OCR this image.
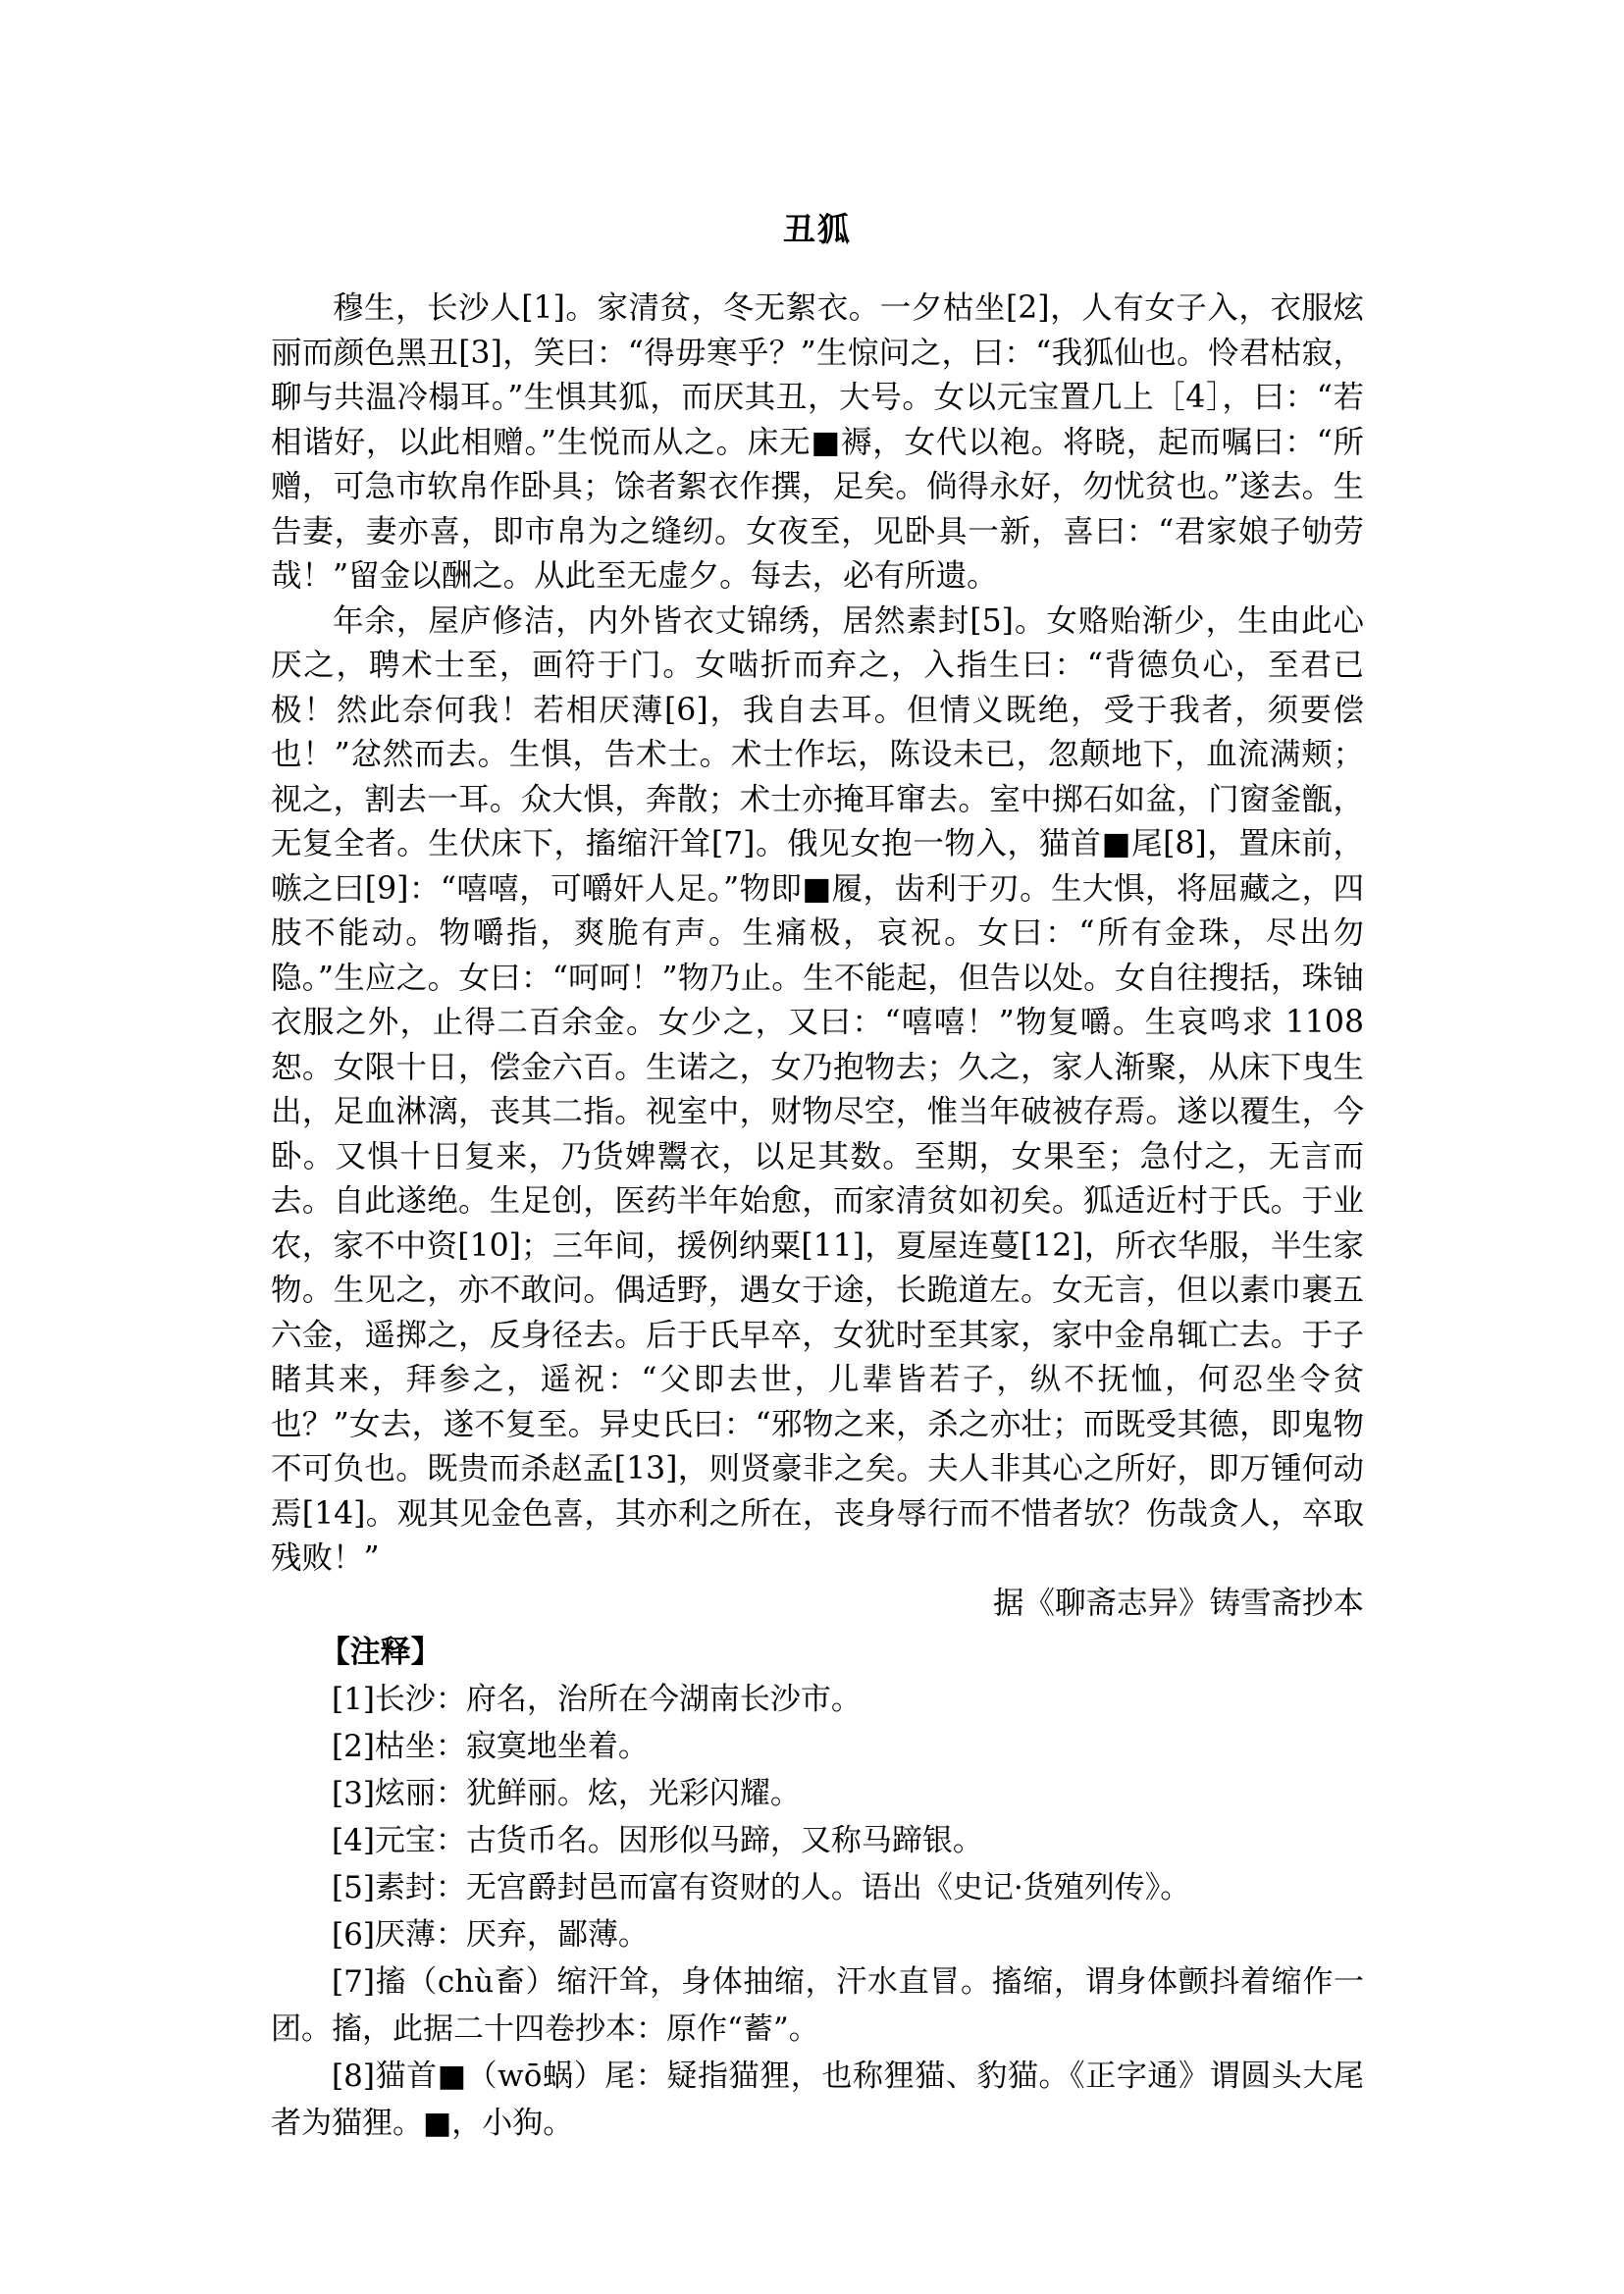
丑狐

穆生，长沙人[1]。家清贫，冬无絮衣。一夕枯坐[2]，人有女子入，衣服炫丽而颜色黑丑[3]，笑曰：“得毋寒乎？”生惊问之，曰：“我狐仙也。怜君枯寂，聊与共温冷榻耳。”生惧其狐，而厌其丑，大号。女以元宝置几上［4］，曰：“若相谐好，以此相赠。”生悦而从之。床无■褥，女代以袍。将晓，起而嘱曰：“所赠，可急市软帛作卧具；馀者絮衣作撰，足矣。倘得永好，勿忧贫也。”遂去。生告妻，妻亦喜，即市帛为之缝纫。女夜至，见卧具一新，喜曰：“君家娘子劬劳哉！”留金以酬之。从此至无虚夕。每去，必有所遗。

年余，屋庐修洁，内外皆衣丈锦绣，居然素封[5]。女赂贻渐少，生由此心厌之，聘术士至，画符于门。女啮折而弃之，入指生曰：“背德负心，至君已极！然此奈何我！若相厌薄[6]，我自去耳。但情义既绝，受于我者，须要偿也！”忿然而去。生惧，告术士。术士作坛，陈设未已，忽颠地下，血流满颊；视之，割去一耳。众大惧，奔散；术士亦掩耳窜去。室中掷石如盆，门窗釜甑，无复全者。生伏床下，搐缩汗耸[7]。俄见女抱一物入，猫首■尾[8]，置床前，嗾之曰[9]：“嘻嘻，可嚼奸人足。”物即■履，齿利于刃。生大惧，将屈藏之，四肢不能动。物嚼指，爽脆有声。生痛极，哀祝。女曰：“所有金珠，尽出勿隐。”生应之。女曰：“呵呵！”物乃止。生不能起，但告以处。女自往搜括，珠铀衣服之外，止得二百余金。女少之，又曰：“嘻嘻！”物复嚼。生哀鸣求 1108 恕。女限十日，偿金六百。生诺之，女乃抱物去；久之，家人渐聚，从床下曳生出，足血淋漓，丧其二指。视室中，财物尽空，惟当年破被存焉。遂以覆生，今卧。又惧十日复来，乃货婢鬻衣，以足其数。至期，女果至；急付之，无言而去。自此遂绝。生足创，医药半年始愈，而家清贫如初矣。狐适近村于氏。于业农，家不中资[10]；三年间，援例纳粟[11]，夏屋连蔓[12]，所衣华服，半生家物。生见之，亦不敢问。偶适野，遇女于途，长跪道左。女无言，但以素巾裹五六金，遥掷之，反身径去。后于氏早卒，女犹时至其家，家中金帛辄亡去。于子睹其来，拜参之，遥祝：“父即去世，儿辈皆若子，纵不抚恤，何忍坐令贫也？”女去，遂不复至。异史氏曰：“邪物之来，杀之亦壮；而既受其德，即鬼物不可负也。既贵而杀赵孟[13]，则贤豪非之矣。夫人非其心之所好，即万锺何动焉[14]。观其见金色喜，其亦利之所在，丧身辱行而不惜者欤？伤哉贪人，卒取残败！”

据《聊斋志异》铸雪斋抄本

【注释】

[1]长沙：府名，治所在今湖南长沙市。

[2]枯坐：寂寞地坐着。

[3]炫丽：犹鲜丽。炫，光彩闪耀。

[4]元宝：古货币名。因形似马蹄，又称马蹄银。

[5]素封：无宫爵封邑而富有资财的人。语出《史记·货殖列传》。

[6]厌薄：厌弃，鄙薄。

[7]搐（chù畜）缩汗耸，身体抽缩，汗水直冒。搐缩，谓身体颤抖着缩作一团。搐，此据二十四卷抄本：原作“蓄”。

[8]猫首■（wō蜗）尾：疑指猫狸，也称狸猫、豹猫。《正字通》谓圆头大尾者为猫狸。■，小狗。
